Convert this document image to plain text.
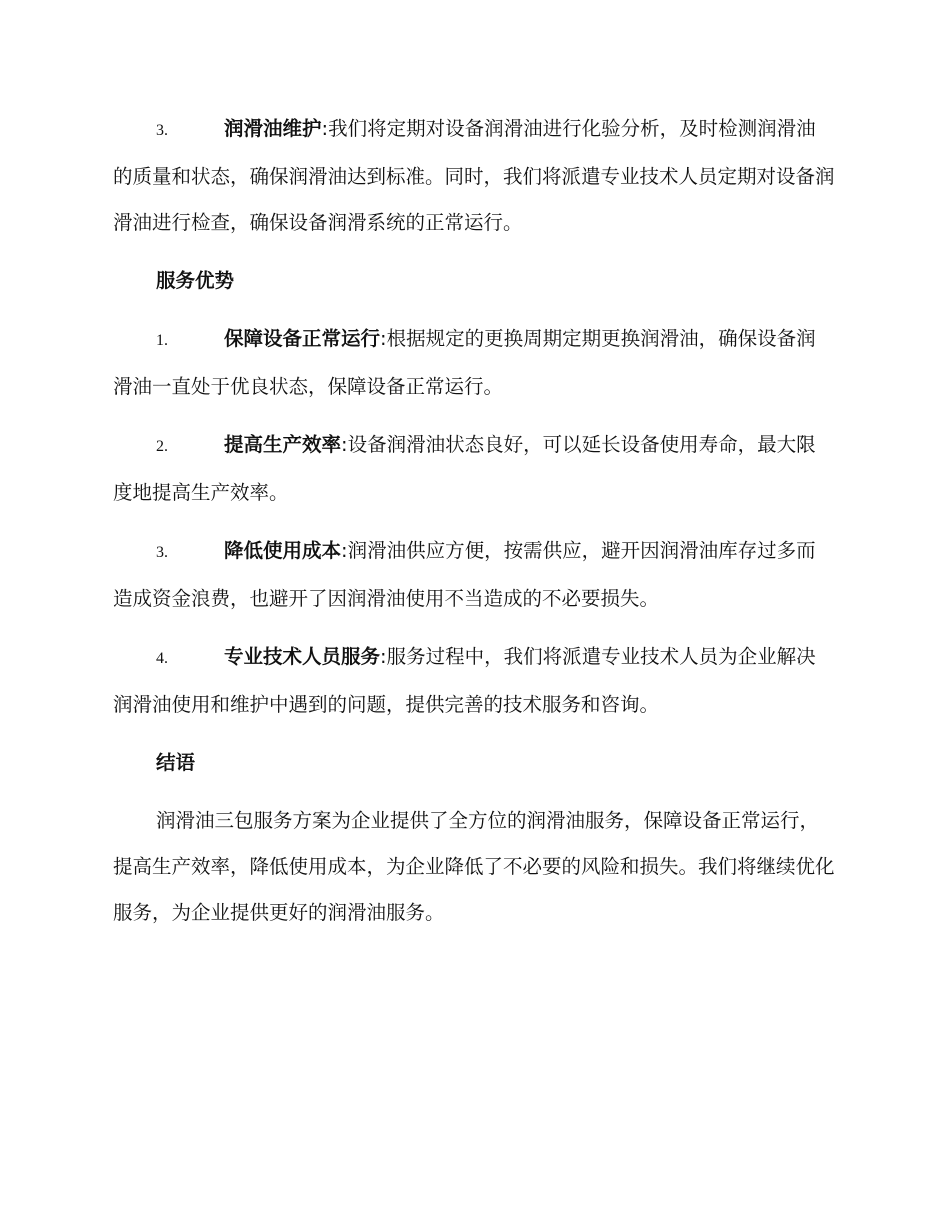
3.	润滑油维护:我们将定期对设备润滑油进行化验分析，及时检测润滑油的质量和状态，确保润滑油达到标准。同时，我们将派遣专业技术人员定期对设备润滑油进行检查，确保设备润滑系统的正常运行。

服务优势

1.	保障设备正常运行:根据规定的更换周期定期更换润滑油，确保设备润滑油一直处于优良状态，保障设备正常运行。

2.	提高生产效率:设备润滑油状态良好，可以延长设备使用寿命，最大限度地提高生产效率。

3.	降低使用成本:润滑油供应方便，按需供应，避开因润滑油库存过多而造成资金浪费，也避开了因润滑油使用不当造成的不必要损失。

4.	专业技术人员服务:服务过程中，我们将派遣专业技术人员为企业解决润滑油使用和维护中遇到的问题，提供完善的技术服务和咨询。

结语

润滑油三包服务方案为企业提供了全方位的润滑油服务，保障设备正常运行，提高生产效率，降低使用成本，为企业降低了不必要的风险和损失。我们将继续优化服务，为企业提供更好的润滑油服务。
